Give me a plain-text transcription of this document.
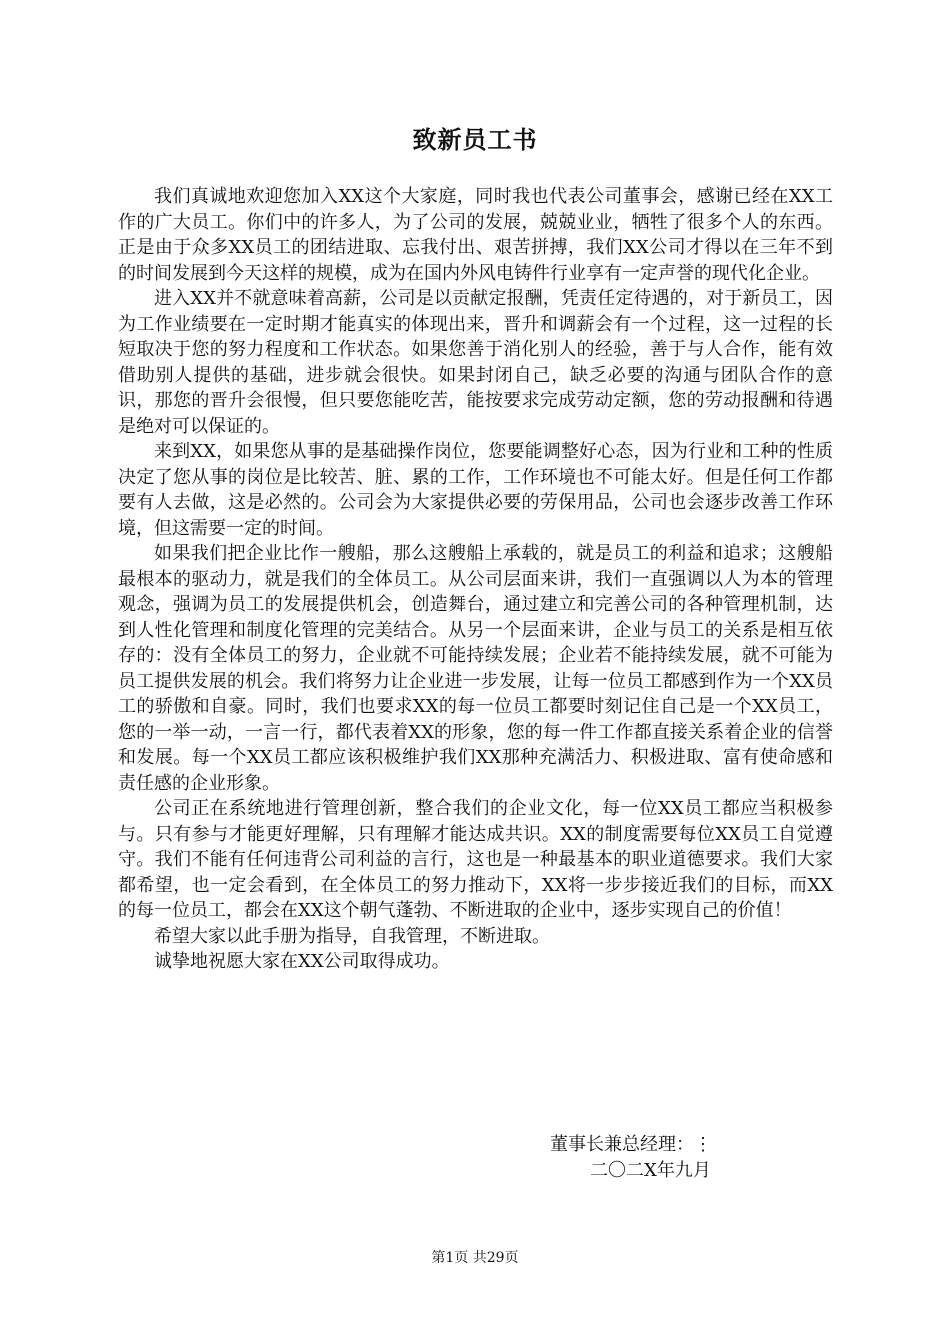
致新员工书

我们真诚地欢迎您加入XX这个大家庭，同时我也代表公司董事会，感谢已经在XX工作的广大员工。你们中的许多人，为了公司的发展，兢兢业业，牺牲了很多个人的东西。正是由于众多XX员工的团结进取、忘我付出、艰苦拼搏，我们XX公司才得以在三年不到的时间发展到今天这样的规模，成为在国内外风电铸件行业享有一定声誉的现代化企业。

进入XX并不就意味着高薪，公司是以贡献定报酬，凭责任定待遇的，对于新员工，因为工作业绩要在一定时期才能真实的体现出来，晋升和调薪会有一个过程，这一过程的长短取决于您的努力程度和工作状态。如果您善于消化别人的经验，善于与人合作，能有效借助别人提供的基础，进步就会很快。如果封闭自己，缺乏必要的沟通与团队合作的意识，那您的晋升会很慢，但只要您能吃苦，能按要求完成劳动定额，您的劳动报酬和待遇是绝对可以保证的。

来到XX，如果您从事的是基础操作岗位，您要能调整好心态，因为行业和工种的性质决定了您从事的岗位是比较苦、脏、累的工作，工作环境也不可能太好。但是任何工作都要有人去做，这是必然的。公司会为大家提供必要的劳保用品，公司也会逐步改善工作环境，但这需要一定的时间。

如果我们把企业比作一艘船，那么这艘船上承载的，就是员工的利益和追求；这艘船最根本的驱动力，就是我们的全体员工。从公司层面来讲，我们一直强调以人为本的管理观念，强调为员工的发展提供机会，创造舞台，通过建立和完善公司的各种管理机制，达到人性化管理和制度化管理的完美结合。从另一个层面来讲，企业与员工的关系是相互依存的：没有全体员工的努力，企业就不可能持续发展；企业若不能持续发展，就不可能为员工提供发展的机会。我们将努力让企业进一步发展，让每一位员工都感到作为一个XX员工的骄傲和自豪。同时，我们也要求XX的每一位员工都要时刻记住自己是一个XX员工，您的一举一动，一言一行，都代表着XX的形象，您的每一件工作都直接关系着企业的信誉和发展。每一个XX员工都应该积极维护我们XX那种充满活力、积极进取、富有使命感和责任感的企业形象。

公司正在系统地进行管理创新，整合我们的企业文化，每一位XX员工都应当积极参与。只有参与才能更好理解，只有理解才能达成共识。XX的制度需要每位XX员工自觉遵守。我们不能有任何违背公司利益的言行，这也是一种最基本的职业道德要求。我们大家都希望，也一定会看到，在全体员工的努力推动下，XX将一步步接近我们的目标，而XX的每一位员工，都会在XX这个朝气蓬勃、不断进取的企业中，逐步实现自己的价值！

希望大家以此手册为指导，自我管理，不断进取。

诚挚地祝愿大家在XX公司取得成功。

董事长兼总经理：⋮
二〇二X年九月
第1页 共29页
